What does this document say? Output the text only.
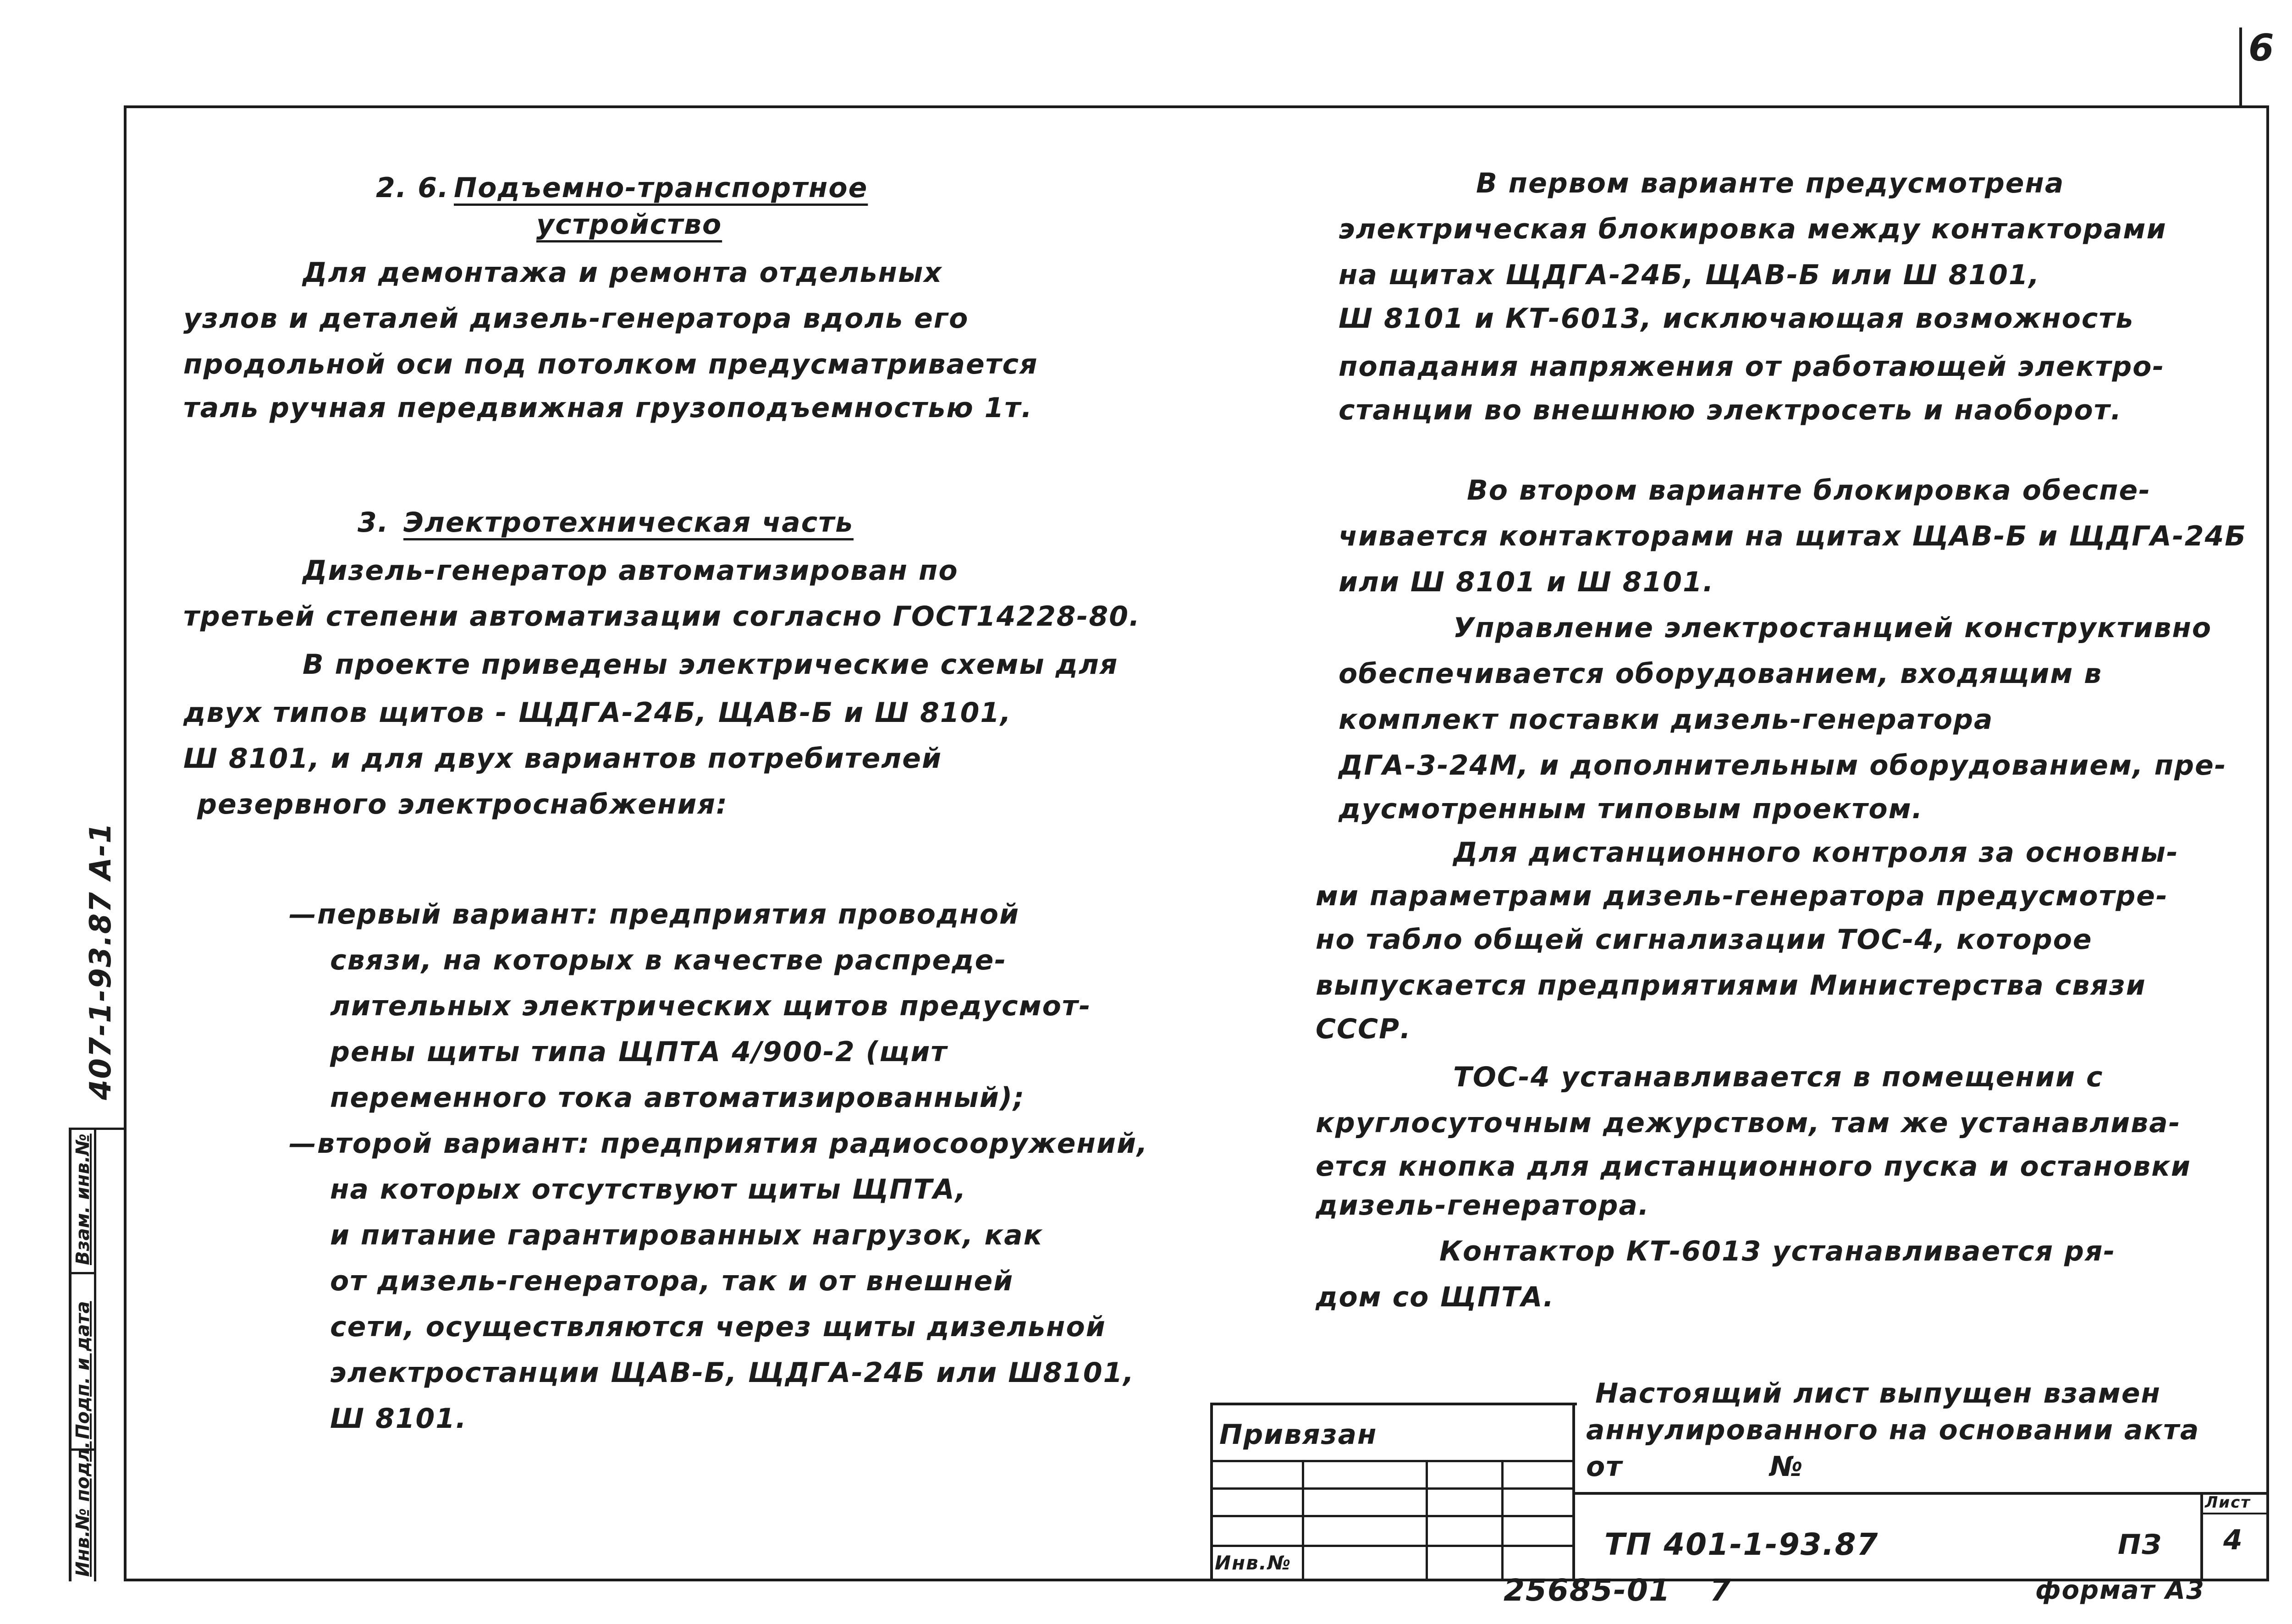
6
Инв.№ подл.
Подп. и дата
Взам. инв.№
407-1-93.87 А-1
2. 6. Подъемно-транспортное
устройство
Для демонтажа и ремонта отдельных
узлов и деталей дизель-генератора вдоль его
продольной оси под потолком предусматривается
таль ручная передвижная грузоподъемностью 1т.
3. Электротехническая часть
Дизель-генератор автоматизирован по
третьей степени автоматизации согласно ГОСТ14228-80.
В проекте приведены электрические схемы для
двух типов щитов - ЩДГА-24Б, ЩАВ-Б и Ш 8101,
Ш 8101, и для двух вариантов потребителей
резервного электроснабжения:
—первый вариант: предприятия проводной
связи, на которых в качестве распреде-
лительных электрических щитов предусмот-
рены щиты типа ЩПТА 4/900-2 (щит
переменного тока автоматизированный);
—второй вариант: предприятия радиосооружений,
на которых отсутствуют щиты ЩПТА,
и питание гарантированных нагрузок, как
от дизель-генератора, так и от внешней
сети, осуществляются через щиты дизельной
электростанции ЩАВ-Б, ЩДГА-24Б или Ш8101,
Ш 8101.
В первом варианте предусмотрена
электрическая блокировка между контакторами
на щитах ЩДГА-24Б, ЩАВ-Б или Ш 8101,
Ш 8101 и КТ-6013, исключающая возможность
попадания напряжения от работающей электро-
станции во внешнюю электросеть и наоборот.
Во втором варианте блокировка обеспе-
чивается контакторами на щитах ЩАВ-Б и ЩДГА-24Б
или Ш 8101 и Ш 8101.
Управление электростанцией конструктивно
обеспечивается оборудованием, входящим в
комплект поставки дизель-генератора
ДГА-3-24М, и дополнительным оборудованием, пре-
дусмотренным типовым проектом.
Для дистанционного контроля за основны-
ми параметрами дизель-генератора предусмотре-
но табло общей сигнализации ТОС-4, которое
выпускается предприятиями Министерства связи
СССР.
ТОС-4 устанавливается в помещении с
круглосуточным дежурством, там же устанавлива-
ется кнопка для дистанционного пуска и остановки
дизель-генератора.
Контактор КТ-6013 устанавливается ря-
дом со ЩПТА.
Привязан
Инв.№
Настоящий лист выпущен взамен
аннулированного на основании акта
от              №
ТП 401-1-93.87	ПЗ
Лист
4
25685-01 7	формат А3
